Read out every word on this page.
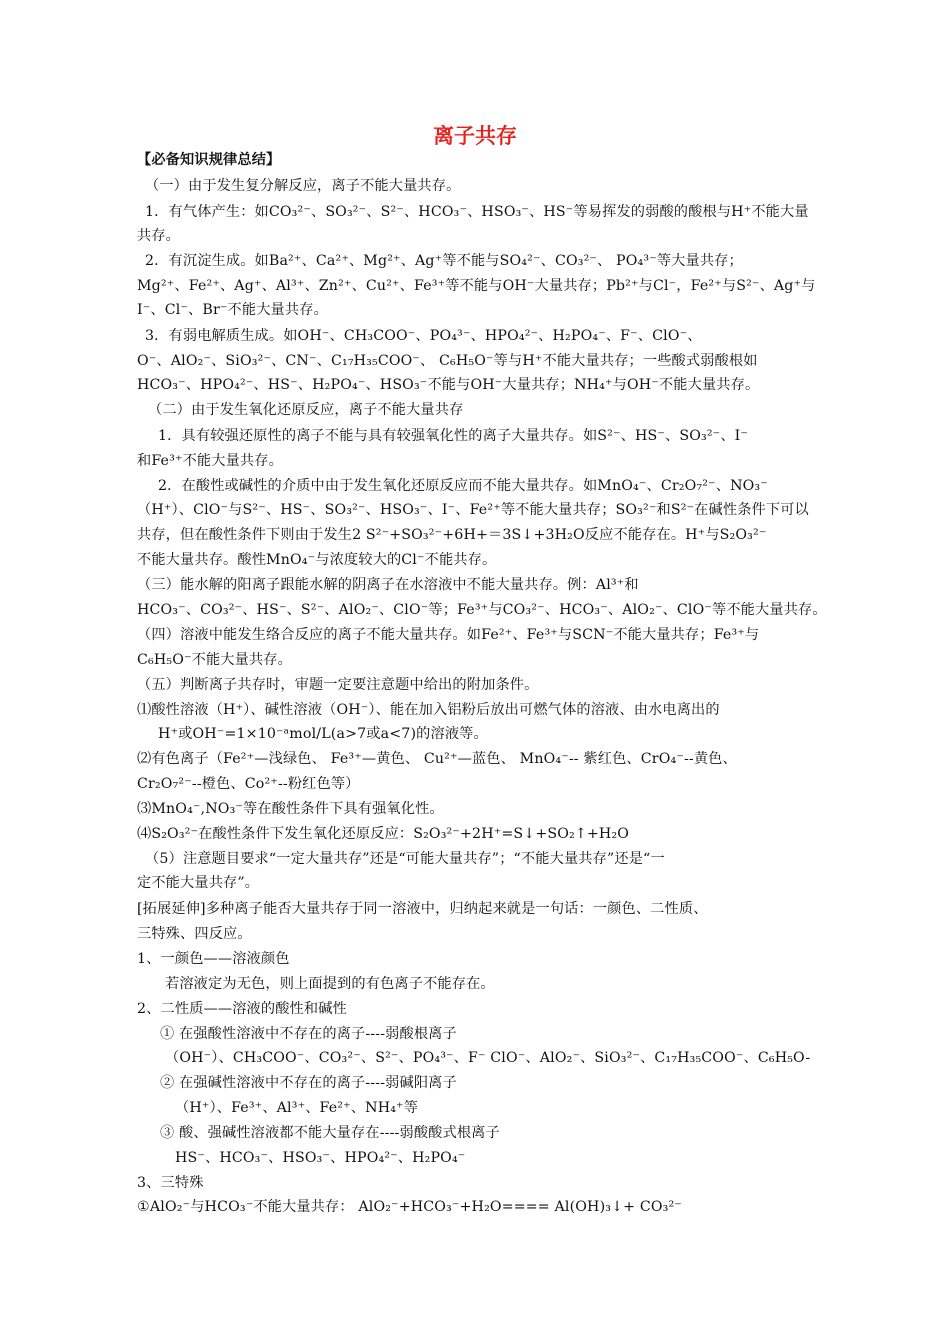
离子共存
【必备知识规律总结】
（一）由于发生复分解反应，离子不能大量共存。
1．有气体产生：如CO₃²⁻、SO₃²⁻、S²⁻、HCO₃⁻、HSO₃⁻、HS⁻等易挥发的弱酸的酸根与H⁺不能大量
共存。
2．有沉淀生成。如Ba²⁺、Ca²⁺、Mg²⁺、Ag⁺等不能与SO₄²⁻、CO₃²⁻、 PO₄³⁻等大量共存；
Mg²⁺、Fe²⁺、Ag⁺、Al³⁺、Zn²⁺、Cu²⁺、Fe³⁺等不能与OH⁻大量共存；Pb²⁺与Cl⁻，Fe²⁺与S²⁻、Ag⁺与
I⁻、Cl⁻、Br⁻不能大量共存。
3．有弱电解质生成。如OH⁻、CH₃COO⁻、PO₄³⁻、HPO₄²⁻、H₂PO₄⁻、F⁻、ClO⁻、
O⁻、AlO₂⁻、SiO₃²⁻、CN⁻、C₁₇H₃₅COO⁻、 C₆H₅O⁻等与H⁺不能大量共存；一些酸式弱酸根如
HCO₃⁻、HPO₄²⁻、HS⁻、H₂PO₄⁻、HSO₃⁻不能与OH⁻大量共存；NH₄⁺与OH⁻不能大量共存。
（二）由于发生氧化还原反应，离子不能大量共存
1．具有较强还原性的离子不能与具有较强氧化性的离子大量共存。如S²⁻、HS⁻、SO₃²⁻、I⁻
和Fe³⁺不能大量共存。
2．在酸性或碱性的介质中由于发生氧化还原反应而不能大量共存。如MnO₄⁻、Cr₂O₇²⁻、NO₃⁻
（H⁺）、ClO⁻与S²⁻、HS⁻、SO₃²⁻、HSO₃⁻、I⁻、Fe²⁺等不能大量共存；SO₃²⁻和S²⁻在碱性条件下可以
共存，但在酸性条件下则由于发生2 S²⁻+SO₃²⁻+6H+＝3S↓+3H₂O反应不能存在。H⁺与S₂O₃²⁻
不能大量共存。酸性MnO₄⁻与浓度较大的Cl⁻不能共存。
（三）能水解的阳离子跟能水解的阴离子在水溶液中不能大量共存。例：Al³⁺和
HCO₃⁻、CO₃²⁻、HS⁻、S²⁻、AlO₂⁻、ClO⁻等；Fe³⁺与CO₃²⁻、HCO₃⁻、AlO₂⁻、ClO⁻等不能大量共存。
（四）溶液中能发生络合反应的离子不能大量共存。如Fe²⁺、Fe³⁺与SCN⁻不能大量共存；Fe³⁺与
C₆H₅O⁻不能大量共存。
（五）判断离子共存时，审题一定要注意题中给出的附加条件。
⑴酸性溶液（H⁺）、碱性溶液（OH⁻）、能在加入铝粉后放出可燃气体的溶液、由水电离出的
H⁺或OH⁻=1×10⁻ᵃmol/L(a>7或a<7)的溶液等。
⑵有色离子（Fe²⁺—浅绿色、 Fe³⁺—黄色、 Cu²⁺—蓝色、 MnO₄⁻-- 紫红色、CrO₄⁻--黄色、
Cr₂O₇²⁻--橙色、Co²⁺--粉红色等）
⑶MnO₄⁻,NO₃⁻等在酸性条件下具有强氧化性。
⑷S₂O₃²⁻在酸性条件下发生氧化还原反应：S₂O₃²⁻+2H⁺=S↓+SO₂↑+H₂O
（5）注意题目要求“一定大量共存”还是“可能大量共存”；“不能大量共存”还是“一
定不能大量共存”。
[拓展延伸]多种离子能否大量共存于同一溶液中，归纳起来就是一句话：一颜色、二性质、
三特殊、四反应。
1、一颜色——溶液颜色
若溶液定为无色，则上面提到的有色离子不能存在。
2、二性质——溶液的酸性和碱性
① 在强酸性溶液中不存在的离子----弱酸根离子
（OH⁻）、CH₃COO⁻、CO₃²⁻、S²⁻、PO₄³⁻、F⁻ ClO⁻、AlO₂⁻、SiO₃²⁻、C₁₇H₃₅COO⁻、C₆H₅O-
② 在强碱性溶液中不存在的离子----弱碱阳离子
（H⁺）、Fe³⁺、Al³⁺、Fe²⁺、NH₄⁺等
③ 酸、强碱性溶液都不能大量存在----弱酸酸式根离子
HS⁻、HCO₃⁻、HSO₃⁻、HPO₄²⁻、H₂PO₄⁻
3、三特殊
①AlO₂⁻与HCO₃⁻不能大量共存： AlO₂⁻+HCO₃⁻+H₂O==== Al(OH)₃↓+ CO₃²⁻
